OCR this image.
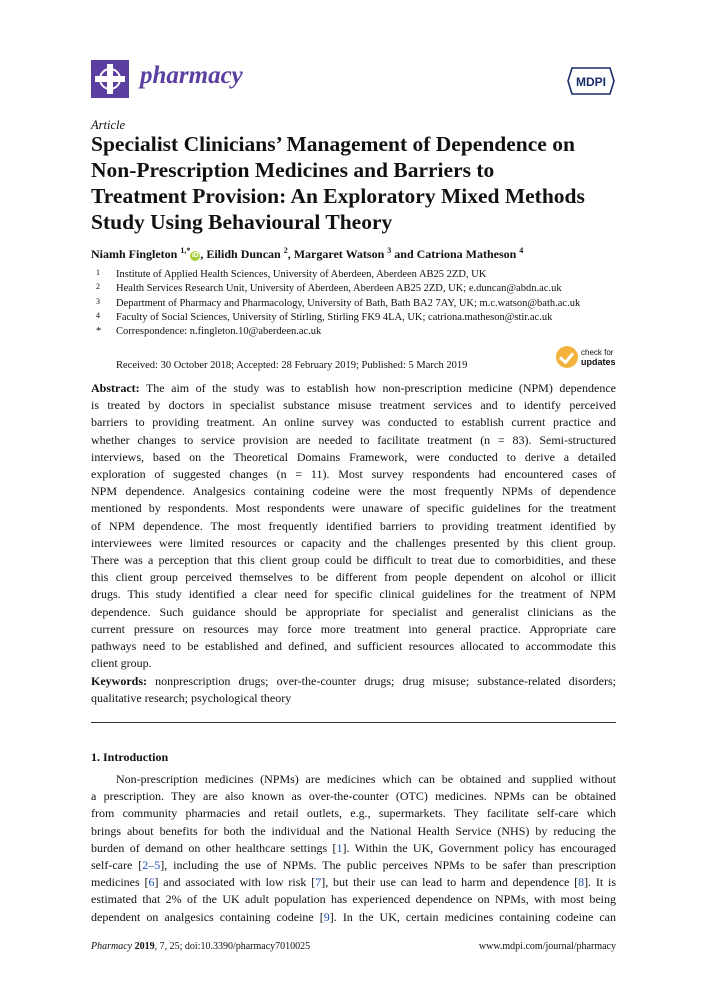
pharmacy	MDPI
Article
Specialist Clinicians’ Management of Dependence on
Non-Prescription Medicines and Barriers to
Treatment Provision: An Exploratory Mixed Methods
Study Using Behavioural Theory
Niamh Fingleton $^{1,*}$iD , Eilidh Duncan $^2$, Margaret Watson $^3$ and Catriona Matheson $^4$
1	Institute of Applied Health Sciences, University of Aberdeen, Aberdeen AB25 2ZD, UK
2	Health Services Research Unit, University of Aberdeen, Aberdeen AB25 2ZD, UK; e.duncan@abdn.ac.uk
3	Department of Pharmacy and Pharmacology, University of Bath, Bath BA2 7AY, UK; m.c.watson@bath.ac.uk
4	Faculty of Social Sciences, University of Stirling, Stirling FK9 4LA, UK; catriona.matheson@stir.ac.uk
*	Correspondence: n.fingleton.10@aberdeen.ac.uk
Received: 30 October 2018; Accepted: 28 February 2019; Published: 5 March 2019
check for
updates
Abstract: The aim of the study was to establish how non-prescription medicine (NPM) dependence
is treated by doctors in specialist substance misuse treatment services and to identify perceived
barriers to providing treatment. An online survey was conducted to establish current practice and
whether changes to service provision are needed to facilitate treatment (n = 83). Semi-structured
interviews, based on the Theoretical Domains Framework, were conducted to derive a detailed
exploration of suggested changes (n = 11). Most survey respondents had encountered cases of
NPM dependence. Analgesics containing codeine were the most frequently NPMs of dependence
mentioned by respondents. Most respondents were unaware of specific guidelines for the treatment
of NPM dependence. The most frequently identified barriers to providing treatment identified by
interviewees were limited resources or capacity and the challenges presented by this client group.
There was a perception that this client group could be difficult to treat due to comorbidities, and these
this client group perceived themselves to be different from people dependent on alcohol or illicit
drugs. This study identified a clear need for specific clinical guidelines for the treatment of NPM
dependence. Such guidance should be appropriate for specialist and generalist clinicians as the
current pressure on resources may force more treatment into general practice. Appropriate care
pathways need to be established and defined, and sufficient resources allocated to accommodate this
client group.
Keywords: nonprescription drugs; over-the-counter drugs; drug misuse; substance-related disorders;
qualitative research; psychological theory
1. Introduction
Non-prescription medicines (NPMs) are medicines which can be obtained and supplied without
a prescription. They are also known as over-the-counter (OTC) medicines. NPMs can be obtained
from community pharmacies and retail outlets, e.g., supermarkets. They facilitate self-care which
brings about benefits for both the individual and the National Health Service (NHS) by reducing the
burden of demand on other healthcare settings [1]. Within the UK, Government policy has encouraged
self-care [2–5], including the use of NPMs. The public perceives NPMs to be safer than prescription
medicines [6] and associated with low risk [7], but their use can lead to harm and dependence [8]. It is
estimated that 2% of the UK adult population has experienced dependence on NPMs, with most being
dependent on analgesics containing codeine [9]. In the UK, certain medicines containing codeine can
Pharmacy 2019, 7, 25; doi:10.3390/pharmacy7010025	www.mdpi.com/journal/pharmacy
